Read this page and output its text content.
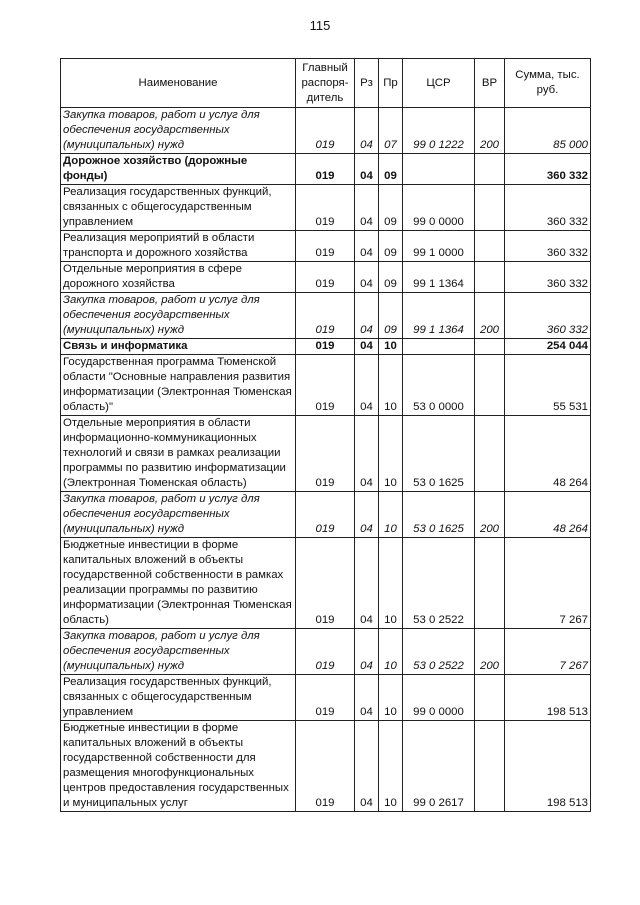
115
Наименование	Главный распоря-дитель	Рз	Пр	ЦСР	ВР	Сумма, тыс. руб.
Закупка товаров, работ и услуг для обеспечения государственных (муниципальных) нужд	019	04	07	99 0 1222	200	85 000
Дорожное хозяйство (дорожные фонды)	019	04	09			360 332
Реализация государственных функций, связанных с общегосударственным управлением	019	04	09	99 0 0000		360 332
Реализация мероприятий в области транспорта и дорожного хозяйства	019	04	09	99 1 0000		360 332
Отдельные мероприятия в сфере дорожного хозяйства	019	04	09	99 1 1364		360 332
Закупка товаров, работ и услуг для обеспечения государственных (муниципальных) нужд	019	04	09	99 1 1364	200	360 332
Связь и информатика	019	04	10			254 044
Государственная программа Тюменской области "Основные направления развития информатизации (Электронная Тюменская область)"	019	04	10	53 0 0000		55 531
Отдельные мероприятия в области информационно-коммуникационных технологий и связи в рамках реализации программы по развитию информатизации (Электронная Тюменская область)	019	04	10	53 0 1625		48 264
Закупка товаров, работ и услуг для обеспечения государственных (муниципальных) нужд	019	04	10	53 0 1625	200	48 264
Бюджетные инвестиции в форме капитальных вложений в объекты государственной собственности в рамках реализации программы по развитию информатизации (Электронная Тюменская область)	019	04	10	53 0 2522		7 267
Закупка товаров, работ и услуг для обеспечения государственных (муниципальных) нужд	019	04	10	53 0 2522	200	7 267
Реализация государственных функций, связанных с общегосударственным управлением	019	04	10	99 0 0000		198 513
Бюджетные инвестиции в форме капитальных вложений в объекты государственной собственности для размещения многофункциональных центров предоставления государственных и муниципальных услуг	019	04	10	99 0 2617		198 513
